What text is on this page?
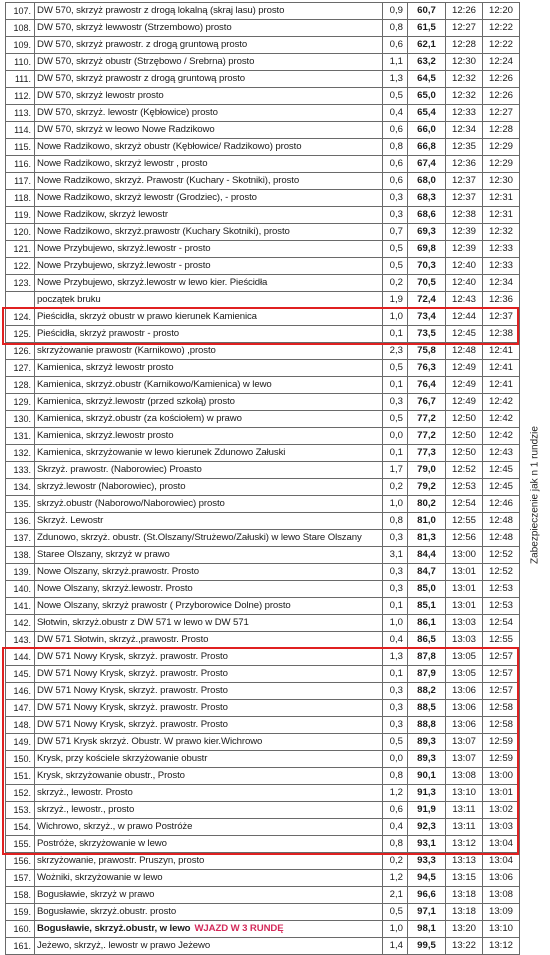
107.	DW 570, skrzyż prawostr z drogą lokalną (skraj lasu) prosto	0,9	60,7	12:26	12:20
108.	DW 570, skrzyż lewwostr (Strzembowo) prosto	0,8	61,5	12:27	12:22
109.	DW 570, skrzyż prawostr. z drogą gruntową prosto	0,6	62,1	12:28	12:22
110.	DW 570, skrzyż obustr (Strzębowo / Srebrna) prosto	1,1	63,2	12:30	12:24
111.	DW 570, skrzyż prawostr z drogą gruntową prosto	1,3	64,5	12:32	12:26
112.	DW 570, skrzyż lewostr prosto	0,5	65,0	12:32	12:26
113.	DW 570, skrzyż. lewostr (Kębłowice) prosto	0,4	65,4	12:33	12:27
114.	DW 570, skrzyż w leowo Nowe Radzikowo	0,6	66,0	12:34	12:28
115.	Nowe Radzikowo, skrzyż obustr (Kębłowice/ Radzikowo) prosto	0,8	66,8	12:35	12:29
116.	Nowe Radzikowo, skrzyż lewostr , prosto	0,6	67,4	12:36	12:29
117.	Nowe Radzikowo, skrzyż. Prawostr (Kuchary - Skotniki), prosto	0,6	68,0	12:37	12:30
118.	Nowe Radzikowo, skrzyż lewostr (Grodziec), - prosto	0,3	68,3	12:37	12:31
119.	Nowe Radzikow, skrzyż lewostr	0,3	68,6	12:38	12:31
120.	Nowe Radzikowo, skrzyż.prawostr (Kuchary Skotniki), prosto	0,7	69,3	12:39	12:32
121.	Nowe Przybujewo, skrzyż.lewostr - prosto	0,5	69,8	12:39	12:33
122.	Nowe Przybujewo, skrzyż.lewostr - prosto	0,5	70,3	12:40	12:33
123.	Nowe Przybujewo, skrzyż.lewostr w lewo kier. Pieścidła	0,2	70,5	12:40	12:34
	początek bruku	1,9	72,4	12:43	12:36
124.	Pieścidła, skrzyż obustr w prawo kierunek Kamienica	1,0	73,4	12:44	12:37
125.	Pieścidła, skrzyż prawostr - prosto	0,1	73,5	12:45	12:38
126.	skrzyżowanie prawostr (Karnikowo) ,prosto	2,3	75,8	12:48	12:41
127.	Kamienica, skrzyż lewostr prosto	0,5	76,3	12:49	12:41
128.	Kamienica, skrzyż.obustr (Karnikowo/Kamienica) w lewo	0,1	76,4	12:49	12:41
129.	Kamienica, skrzyż.lewostr (przed szkołą) prosto	0,3	76,7	12:49	12:42
130.	Kamienica, skrzyż.obustr (za kościołem) w prawo	0,5	77,2	12:50	12:42
131.	Kamienica, skrzyż.lewostr prosto	0,0	77,2	12:50	12:42
132.	Kamienica, skrzyżowanie w lewo kierunek Zdunowo Załuski	0,1	77,3	12:50	12:43
133.	Skrzyż. prawostr. (Naborowiec) Proasto	1,7	79,0	12:52	12:45
134.	skrzyż.lewostr (Naborowiec), prosto	0,2	79,2	12:53	12:45
135.	skrzyż.obustr (Naborowo/Naborowiec) prosto	1,0	80,2	12:54	12:46
136.	Skrzyż. Lewostr	0,8	81,0	12:55	12:48
137.	Zdunowo, skrzyż. obustr. (St.Olszany/Strużewo/Załuski) w lewo Stare Olszany	0,3	81,3	12:56	12:48
138.	Staree Olszany, skrzyż w prawo	3,1	84,4	13:00	12:52
139.	Nowe Olszany, skrzyż.prawostr. Prosto	0,3	84,7	13:01	12:52
140.	Nowe Olszany, skrzyż.lewostr. Prosto	0,3	85,0	13:01	12:53
141.	Nowe Olszany, skrzyż prawostr ( Przyborowice Dolne) prosto	0,1	85,1	13:01	12:53
142.	Słotwin, skrzyż.obustr z DW 571 w lewo w DW 571	1,0	86,1	13:03	12:54
143.	DW 571 Słotwin, skrzyż.,prawostr. Prosto	0,4	86,5	13:03	12:55
144.	DW 571 Nowy Krysk, skrzyż. prawostr. Prosto	1,3	87,8	13:05	12:57
145.	DW 571 Nowy Krysk, skrzyż. prawostr. Prosto	0,1	87,9	13:05	12:57
146.	DW 571 Nowy Krysk, skrzyż. prawostr. Prosto	0,3	88,2	13:06	12:57
147.	DW 571 Nowy Krysk, skrzyż. prawostr. Prosto	0,3	88,5	13:06	12:58
148.	DW 571 Nowy Krysk, skrzyż. prawostr. Prosto	0,3	88,8	13:06	12:58
149.	DW 571 Krysk skrzyż. Obustr. W prawo kier.Wichrowo	0,5	89,3	13:07	12:59
150.	Krysk, przy kościele skrzyżowanie obustr	0,0	89,3	13:07	12:59
151.	Krysk, skrzyżowanie obustr., Prosto	0,8	90,1	13:08	13:00
152.	skrzyż., lewostr. Prosto	1,2	91,3	13:10	13:01
153.	skrzyż., lewostr., prosto	0,6	91,9	13:11	13:02
154.	Wichrowo, skrzyż., w prawo Postróże	0,4	92,3	13:11	13:03
155.	Postróże, skrzyżowanie w lewo	0,8	93,1	13:12	13:04
156.	skrzyżowanie, prawostr. Pruszyn, prosto	0,2	93,3	13:13	13:04
157.	Wożniki, skrzyżowanie w lewo	1,2	94,5	13:15	13:06
158.	Bogusławie, skrzyż w prawo	2,1	96,6	13:18	13:08
159.	Bogusławie, skrzyż.obustr. prosto	0,5	97,1	13:18	13:09
160.	Bogusławie, skrzyż.obustr, w lewo WJAZD W 3 RUNDĘ	1,0	98,1	13:20	13:10
161.	Jeżewo, skrzyż,. lewostr w prawo Jeżewo	1,4	99,5	13:22	13:12
Zabezpieczenie jak n 1 rundzie
